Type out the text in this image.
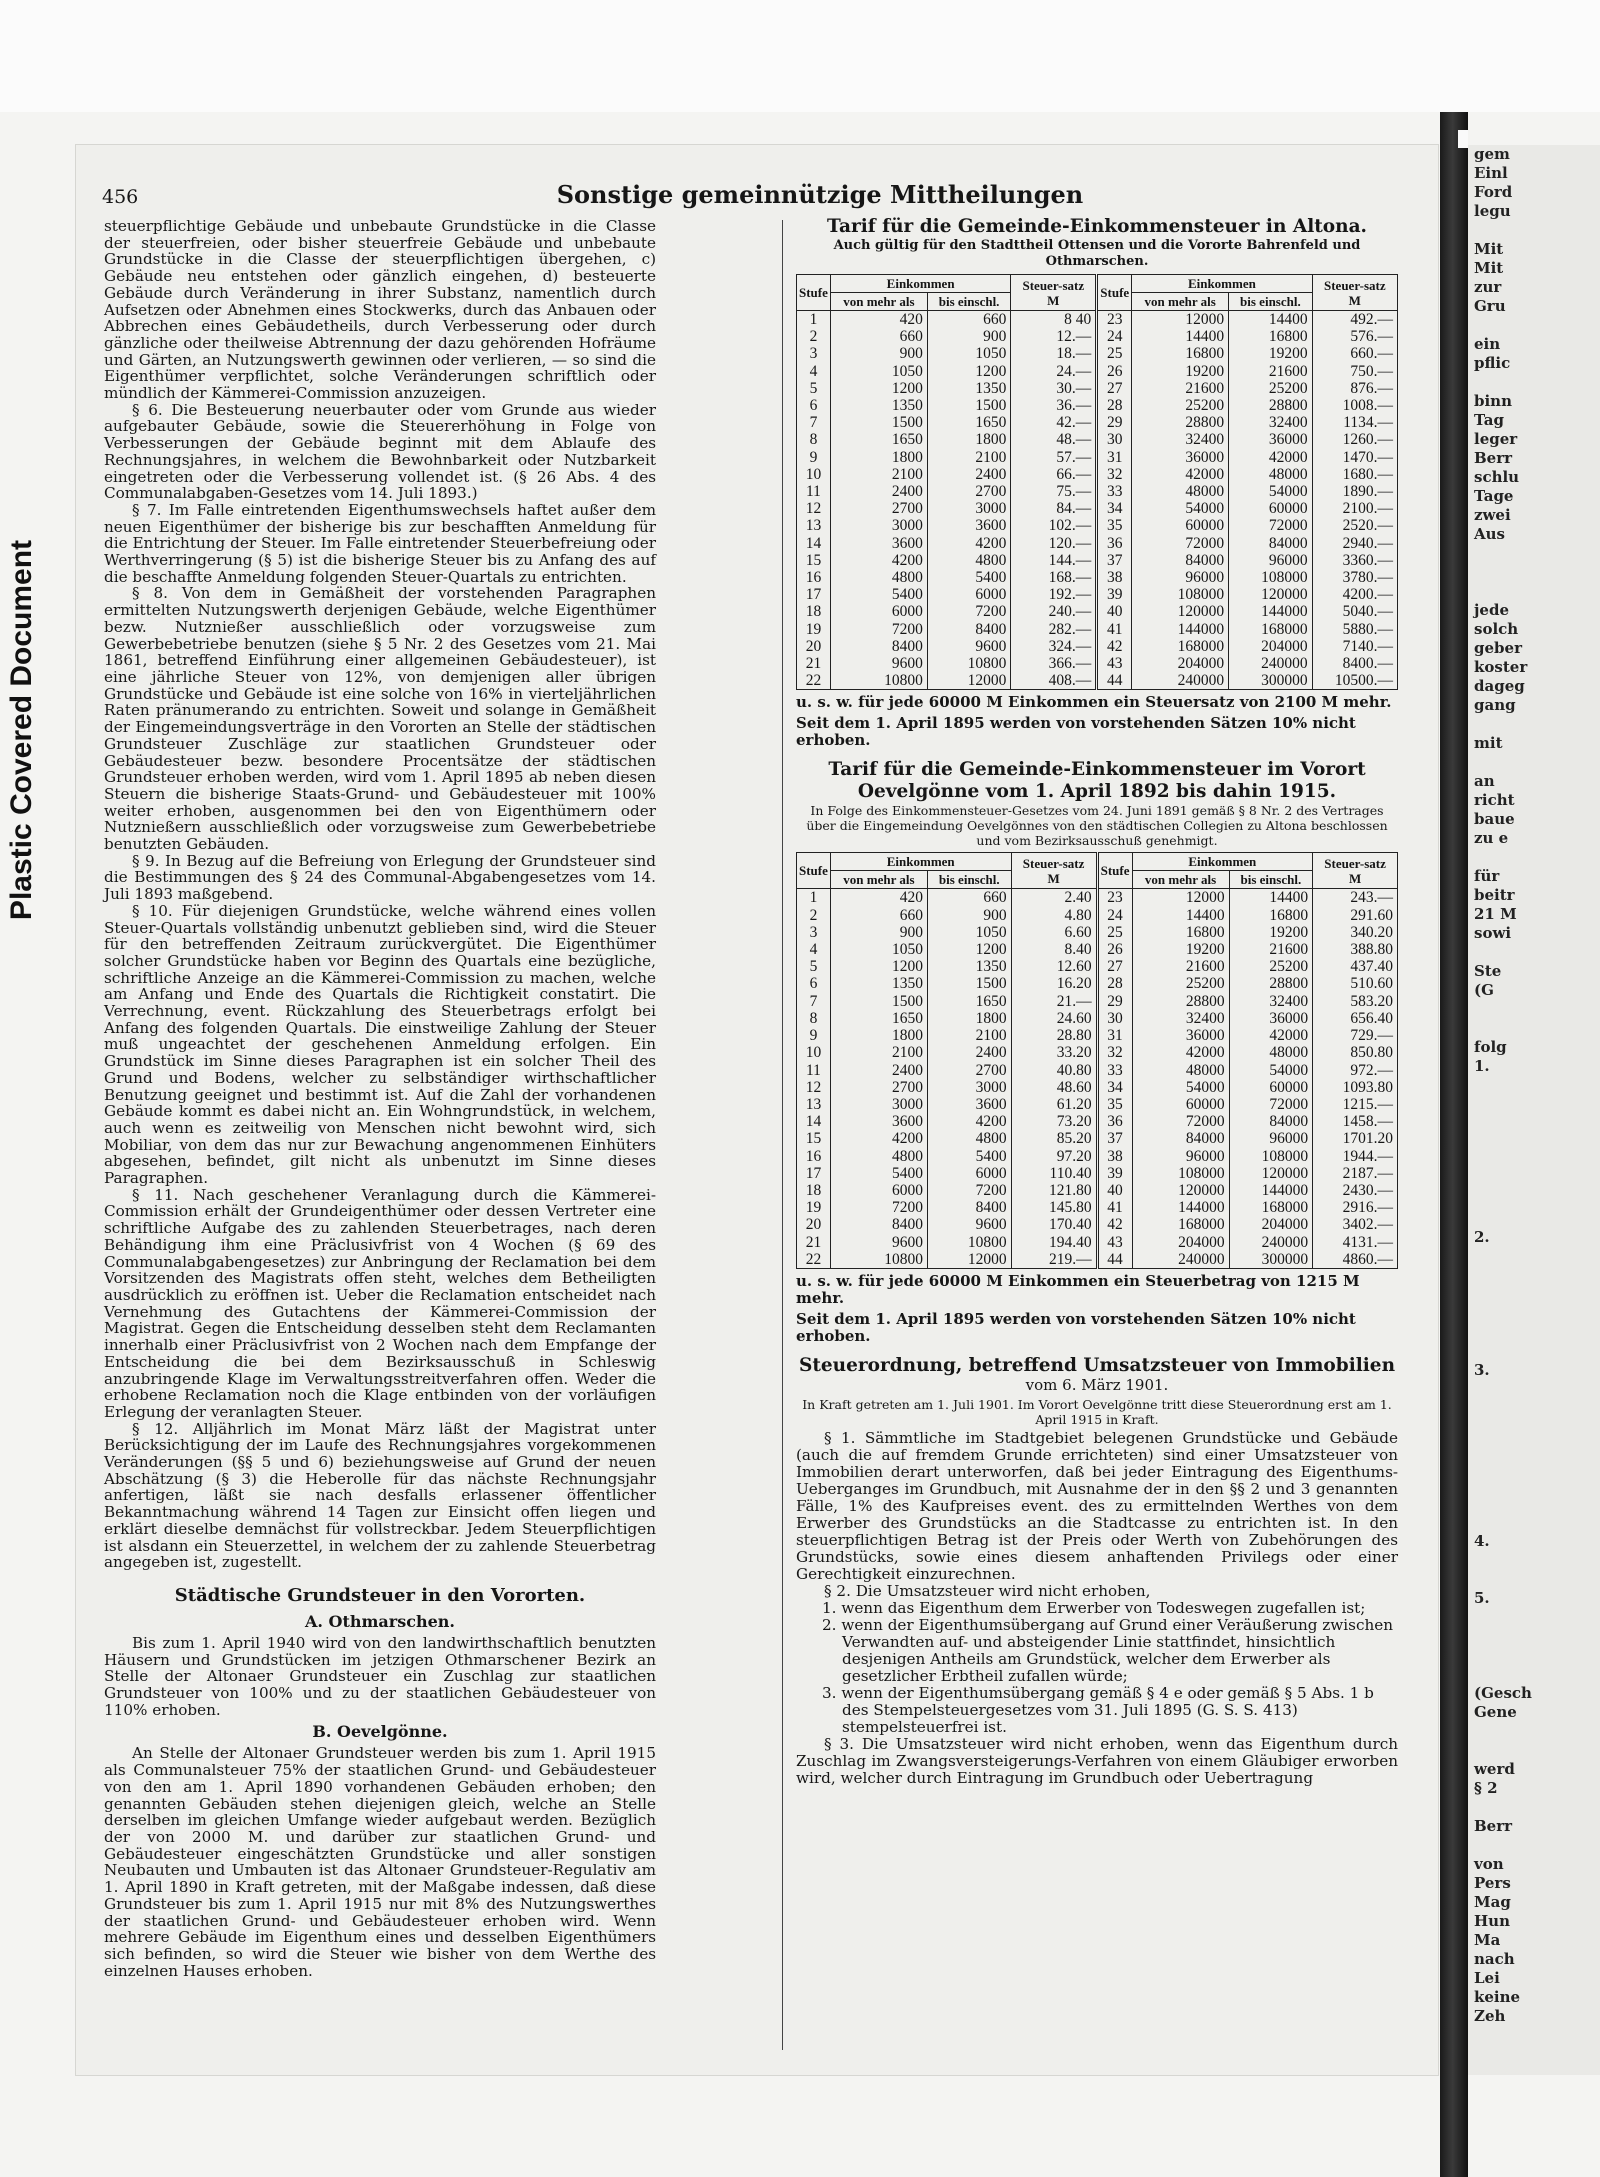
Plastic Covered Document
gem
Einl
Ford
legu

Mit
Mit
zur
Gru

ein
pflic

binn
Tag
leger
Berr
schlu
Tage
zwei
Aus

jede
solch
geber
koster
dageg
gang

mit

an
richt
baue
zu e

für
beitr
21 M
sowi

Ste
(G

folg
1.

2.

3.

4.

5.

(Gesch
Gene

werd
§ 2

Berr

von
Pers
Mag
Hun
Ma
nach
Lei
keine
Zeh
456	Sonstige gemeinnützige Mittheilungen

steuerpflichtige Gebäude und unbebaute Grundstücke in die Classe der steuerfreien, oder bisher steuerfreie Gebäude und unbebaute Grundstücke in die Classe der steuerpflichtigen übergehen, c) Gebäude neu entstehen oder gänzlich eingehen, d) besteuerte Gebäude durch Veränderung in ihrer Substanz, namentlich durch Aufsetzen oder Abnehmen eines Stockwerks, durch das Anbauen oder Abbrechen eines Gebäudetheils, durch Verbesserung oder durch gänzliche oder theilweise Abtrennung der dazu gehörenden Hofräume und Gärten, an Nutzungswerth gewinnen oder verlieren, — so sind die Eigenthümer verpflichtet, solche Veränderungen schriftlich oder mündlich der Kämmerei-Commission anzuzeigen.

§ 6. Die Besteuerung neuerbauter oder vom Grunde aus wieder aufgebauter Gebäude, sowie die Steuererhöhung in Folge von Verbesserungen der Gebäude beginnt mit dem Ablaufe des Rechnungsjahres, in welchem die Bewohnbarkeit oder Nutzbarkeit eingetreten oder die Verbesserung vollendet ist. (§ 26 Abs. 4 des Communalabgaben-Gesetzes vom 14. Juli 1893.)

§ 7. Im Falle eintretenden Eigenthumswechsels haftet außer dem neuen Eigenthümer der bisherige bis zur beschafften Anmeldung für die Entrichtung der Steuer. Im Falle eintretender Steuerbefreiung oder Werthverringerung (§ 5) ist die bisherige Steuer bis zu Anfang des auf die beschaffte Anmeldung folgenden Steuer-Quartals zu entrichten.

§ 8. Von dem in Gemäßheit der vorstehenden Paragraphen ermittelten Nutzungswerth derjenigen Gebäude, welche Eigenthümer bezw. Nutznießer ausschließlich oder vorzugsweise zum Gewerbebetriebe benutzen (siehe § 5 Nr. 2 des Gesetzes vom 21. Mai 1861, betreffend Einführung einer allgemeinen Gebäudesteuer), ist eine jährliche Steuer von 12%, von demjenigen aller übrigen Grundstücke und Gebäude ist eine solche von 16% in vierteljährlichen Raten pränumerando zu entrichten. Soweit und solange in Gemäßheit der Eingemeindungsverträge in den Vororten an Stelle der städtischen Grundsteuer Zuschläge zur staatlichen Grundsteuer oder Gebäudesteuer bezw. besondere Procentsätze der städtischen Grundsteuer erhoben werden, wird vom 1. April 1895 ab neben diesen Steuern die bisherige Staats-Grund- und Gebäudesteuer mit 100% weiter erhoben, ausgenommen bei den von Eigenthümern oder Nutznießern ausschließlich oder vorzugsweise zum Gewerbebetriebe benutzten Gebäuden.

§ 9. In Bezug auf die Befreiung von Erlegung der Grundsteuer sind die Bestimmungen des § 24 des Communal-Abgabengesetzes vom 14. Juli 1893 maßgebend.

§ 10. Für diejenigen Grundstücke, welche während eines vollen Steuer-Quartals vollständig unbenutzt geblieben sind, wird die Steuer für den betreffenden Zeitraum zurückvergütet. Die Eigenthümer solcher Grundstücke haben vor Beginn des Quartals eine bezügliche, schriftliche Anzeige an die Kämmerei-Commission zu machen, welche am Anfang und Ende des Quartals die Richtigkeit constatirt. Die Verrechnung, event. Rückzahlung des Steuerbetrags erfolgt bei Anfang des folgenden Quartals. Die einstweilige Zahlung der Steuer muß ungeachtet der geschehenen Anmeldung erfolgen. Ein Grundstück im Sinne dieses Paragraphen ist ein solcher Theil des Grund und Bodens, welcher zu selbständiger wirthschaftlicher Benutzung geeignet und bestimmt ist. Auf die Zahl der vorhandenen Gebäude kommt es dabei nicht an. Ein Wohngrundstück, in welchem, auch wenn es zeitweilig von Menschen nicht bewohnt wird, sich Mobiliar, von dem das nur zur Bewachung angenommenen Einhüters abgesehen, befindet, gilt nicht als unbenutzt im Sinne dieses Paragraphen.

§ 11. Nach geschehener Veranlagung durch die Kämmerei-Commission erhält der Grundeigenthümer oder dessen Vertreter eine schriftliche Aufgabe des zu zahlenden Steuerbetrages, nach deren Behändigung ihm eine Präclusivfrist von 4 Wochen (§ 69 des Communalabgabengesetzes) zur Anbringung der Reclamation bei dem Vorsitzenden des Magistrats offen steht, welches dem Betheiligten ausdrücklich zu eröffnen ist. Ueber die Reclamation entscheidet nach Vernehmung des Gutachtens der Kämmerei-Commission der Magistrat. Gegen die Entscheidung desselben steht dem Reclamanten innerhalb einer Präclusivfrist von 2 Wochen nach dem Empfange der Entscheidung die bei dem Bezirksausschuß in Schleswig anzubringende Klage im Verwaltungsstreitverfahren offen. Weder die erhobene Reclamation noch die Klage entbinden von der vorläufigen Erlegung der veranlagten Steuer.

§ 12. Alljährlich im Monat März läßt der Magistrat unter Berücksichtigung der im Laufe des Rechnungsjahres vorgekommenen Veränderungen (§§ 5 und 6) beziehungsweise auf Grund der neuen Abschätzung (§ 3) die Heberolle für das nächste Rechnungsjahr anfertigen, läßt sie nach desfalls erlassener öffentlicher Bekanntmachung während 14 Tagen zur Einsicht offen liegen und erklärt dieselbe demnächst für vollstreckbar. Jedem Steuerpflichtigen ist alsdann ein Steuerzettel, in welchem der zu zahlende Steuerbetrag angegeben ist, zugestellt.

Städtische Grundsteuer in den Vororten.
A. Othmarschen.

Bis zum 1. April 1940 wird von den landwirthschaftlich benutzten Häusern und Grundstücken im jetzigen Othmarschener Bezirk an Stelle der Altonaer Grundsteuer ein Zuschlag zur staatlichen Grundsteuer von 100% und zu der staatlichen Gebäudesteuer von 110% erhoben.

B. Oevelgönne.

An Stelle der Altonaer Grundsteuer werden bis zum 1. April 1915 als Communalsteuer 75% der staatlichen Grund- und Gebäudesteuer von den am 1. April 1890 vorhandenen Gebäuden erhoben; den genannten Gebäuden stehen diejenigen gleich, welche an Stelle derselben im gleichen Umfange wieder aufgebaut werden. Bezüglich der von 2000 M. und darüber zur staatlichen Grund- und Gebäudesteuer eingeschätzten Grundstücke und aller sonstigen Neubauten und Umbauten ist das Altonaer Grundsteuer-Regulativ am 1. April 1890 in Kraft getreten, mit der Maßgabe indessen, daß diese Grundsteuer bis zum 1. April 1915 nur mit 8% des Nutzungswerthes der staatlichen Grund- und Gebäudesteuer erhoben wird. Wenn mehrere Gebäude im Eigenthum eines und desselben Eigenthümers sich befinden, so wird die Steuer wie bisher von dem Werthe des einzelnen Hauses erhoben.

Tarif für die Gemeinde-Einkommensteuer in Altona.
Auch gültig für den Stadttheil Ottensen und die Vororte Bahrenfeld und Othmarschen.
Stufe	Einkommen		Steuer-satz
M	Stufe	Einkommen		Steuer-satz
M
	von mehr als	bis einschl.			von mehr als	bis einschl.	
1	420	660	8 40	23	12000	14400	492.—
2	660	900	12.—	24	14400	16800	576.—
3	900	1050	18.—	25	16800	19200	660.—
4	1050	1200	24.—	26	19200	21600	750.—
5	1200	1350	30.—	27	21600	25200	876.—
6	1350	1500	36.—	28	25200	28800	1008.—
7	1500	1650	42.—	29	28800	32400	1134.—
8	1650	1800	48.—	30	32400	36000	1260.—
9	1800	2100	57.—	31	36000	42000	1470.—
10	2100	2400	66.—	32	42000	48000	1680.—
11	2400	2700	75.—	33	48000	54000	1890.—
12	2700	3000	84.—	34	54000	60000	2100.—
13	3000	3600	102.—	35	60000	72000	2520.—
14	3600	4200	120.—	36	72000	84000	2940.—
15	4200	4800	144.—	37	84000	96000	3360.—
16	4800	5400	168.—	38	96000	108000	3780.—
17	5400	6000	192.—	39	108000	120000	4200.—
18	6000	7200	240.—	40	120000	144000	5040.—
19	7200	8400	282.—	41	144000	168000	5880.—
20	8400	9600	324.—	42	168000	204000	7140.—
21	9600	10800	366.—	43	204000	240000	8400.—
22	10800	12000	408.—	44	240000	300000	10500.—
u. s. w. für jede 60000 M Einkommen ein Steuersatz von 2100 M mehr.
Seit dem 1. April 1895 werden von vorstehenden Sätzen 10% nicht erhoben.
Tarif für die Gemeinde-Einkommensteuer im Vorort Oevelgönne vom 1. April 1892 bis dahin 1915.
In Folge des Einkommensteuer-Gesetzes vom 24. Juni 1891 gemäß § 8 Nr. 2 des Vertrages über die Eingemeindung Oevelgönnes von den städtischen Collegien zu Altona beschlossen und vom Bezirksausschuß genehmigt.
Stufe	Einkommen		Steuer-satz
M	Stufe	Einkommen		Steuer-satz
M
	von mehr als	bis einschl.			von mehr als	bis einschl.	
1	420	660	2.40	23	12000	14400	243.—
2	660	900	4.80	24	14400	16800	291.60
3	900	1050	6.60	25	16800	19200	340.20
4	1050	1200	8.40	26	19200	21600	388.80
5	1200	1350	12.60	27	21600	25200	437.40
6	1350	1500	16.20	28	25200	28800	510.60
7	1500	1650	21.—	29	28800	32400	583.20
8	1650	1800	24.60	30	32400	36000	656.40
9	1800	2100	28.80	31	36000	42000	729.—
10	2100	2400	33.20	32	42000	48000	850.80
11	2400	2700	40.80	33	48000	54000	972.—
12	2700	3000	48.60	34	54000	60000	1093.80
13	3000	3600	61.20	35	60000	72000	1215.—
14	3600	4200	73.20	36	72000	84000	1458.—
15	4200	4800	85.20	37	84000	96000	1701.20
16	4800	5400	97.20	38	96000	108000	1944.—
17	5400	6000	110.40	39	108000	120000	2187.—
18	6000	7200	121.80	40	120000	144000	2430.—
19	7200	8400	145.80	41	144000	168000	2916.—
20	8400	9600	170.40	42	168000	204000	3402.—
21	9600	10800	194.40	43	204000	240000	4131.—
22	10800	12000	219.—	44	240000	300000	4860.—
u. s. w. für jede 60000 M Einkommen ein Steuerbetrag von 1215 M mehr.
Seit dem 1. April 1895 werden von vorstehenden Sätzen 10% nicht erhoben.
Steuerordnung, betreffend Umsatzsteuer von Immobilien
vom 6. März 1901.
In Kraft getreten am 1. Juli 1901. Im Vorort Oevelgönne tritt diese Steuerordnung erst am 1. April 1915 in Kraft.

§ 1. Sämmtliche im Stadtgebiet belegenen Grundstücke und Gebäude (auch die auf fremdem Grunde errichteten) sind einer Umsatzsteuer von Immobilien derart unterworfen, daß bei jeder Eintragung des Eigenthums-Ueberganges im Grundbuch, mit Ausnahme der in den §§ 2 und 3 genannten Fälle, 1% des Kaufpreises event. des zu ermittelnden Werthes von dem Erwerber des Grundstücks an die Stadtcasse zu entrichten ist. In den steuerpflichtigen Betrag ist der Preis oder Werth von Zubehörungen des Grundstücks, sowie eines diesem anhaftenden Privilegs oder einer Gerechtigkeit einzurechnen.

§ 2. Die Umsatzsteuer wird nicht erhoben,

1. wenn das Eigenthum dem Erwerber von Todeswegen zugefallen ist;

2. wenn der Eigenthumsübergang auf Grund einer Veräußerung zwischen Verwandten auf- und absteigender Linie stattfindet, hinsichtlich desjenigen Antheils am Grundstück, welcher dem Erwerber als gesetzlicher Erbtheil zufallen würde;

3. wenn der Eigenthumsübergang gemäß § 4 e oder gemäß § 5 Abs. 1 b des Stempelsteuergesetzes vom 31. Juli 1895 (G. S. S. 413) stempelsteuerfrei ist.

§ 3. Die Umsatzsteuer wird nicht erhoben, wenn das Eigenthum durch Zuschlag im Zwangsversteigerungs-Verfahren von einem Gläubiger erworben wird, welcher durch Eintragung im Grundbuch oder Uebertragung
